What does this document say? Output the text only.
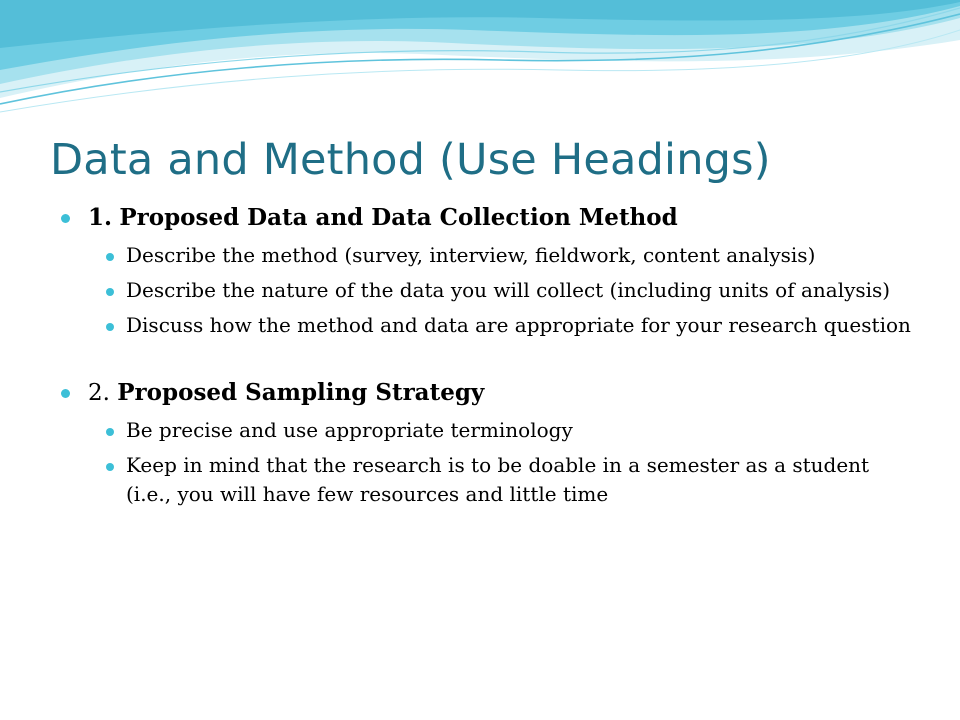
Data and Method (Use Headings)
1. Proposed Data and Data Collection Method
Describe the method (survey, interview, fieldwork, content analysis)
Describe the nature of the data you will collect (including units of analysis)
Discuss how the method and data are appropriate for your research question
2. Proposed Sampling Strategy
Be precise and use appropriate terminology
Keep in mind that the research is to be doable in a semester as a student (i.e., you will have few resources and little time
